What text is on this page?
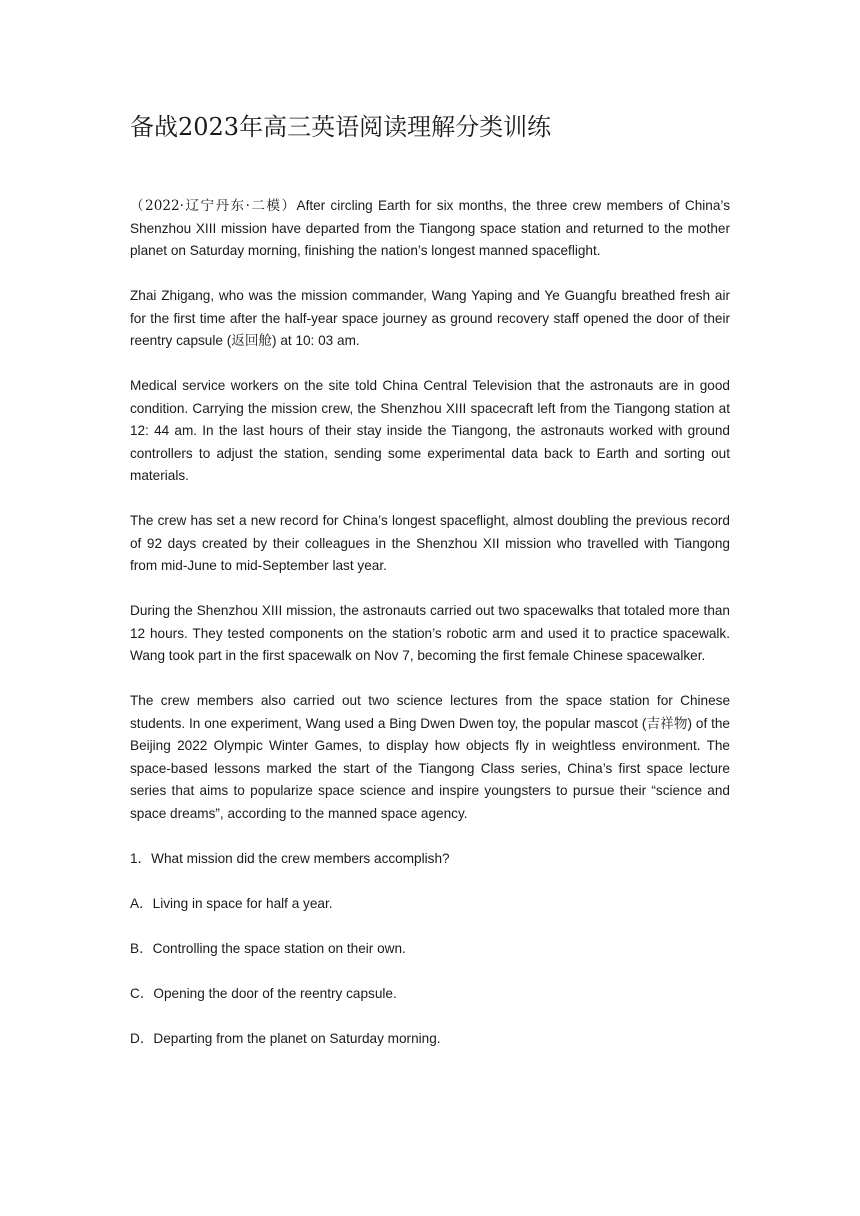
备战2023年高三英语阅读理解分类训练

（2022·辽宁丹东·二模）After circling Earth for six months, the three crew members of China’s Shenzhou XIII mission have departed from the Tiangong space station and returned to the mother planet on Saturday morning, finishing the nation’s longest manned spaceflight.

Zhai Zhigang, who was the mission commander, Wang Yaping and Ye Guangfu breathed fresh air for the first time after the half-year space journey as ground recovery staff opened the door of their reentry capsule (返回舱) at 10: 03 am.

Medical service workers on the site told China Central Television that the astronauts are in good condition. Carrying the mission crew, the Shenzhou XIII spacecraft left from the Tiangong station at 12: 44 am. In the last hours of their stay inside the Tiangong, the astronauts worked with ground controllers to adjust the station, sending some experimental data back to Earth and sorting out materials.

The crew has set a new record for China’s longest spaceflight, almost doubling the previous record of 92 days created by their colleagues in the Shenzhou XII mission who travelled with Tiangong from mid-June to mid-September last year.

During the Shenzhou XIII mission, the astronauts carried out two spacewalks that totaled more than 12 hours. They tested components on the station’s robotic arm and used it to practice spacewalk. Wang took part in the first spacewalk on Nov 7, becoming the first female Chinese spacewalker.

The crew members also carried out two science lectures from the space station for Chinese students. In one experiment, Wang used a Bing Dwen Dwen toy, the popular mascot (吉祥物) of the Beijing 2022 Olympic Winter Games, to display how objects fly in weightless environment. The space-based lessons marked the start of the Tiangong Class series, China’s first space lecture series that aims to popularize space science and inspire youngsters to pursue their “science and space dreams”, according to the manned space agency.

1．What mission did the crew members accomplish?

A．Living in space for half a year.

B．Controlling the space station on their own.

C．Opening the door of the reentry capsule.

D．Departing from the planet on Saturday morning.
